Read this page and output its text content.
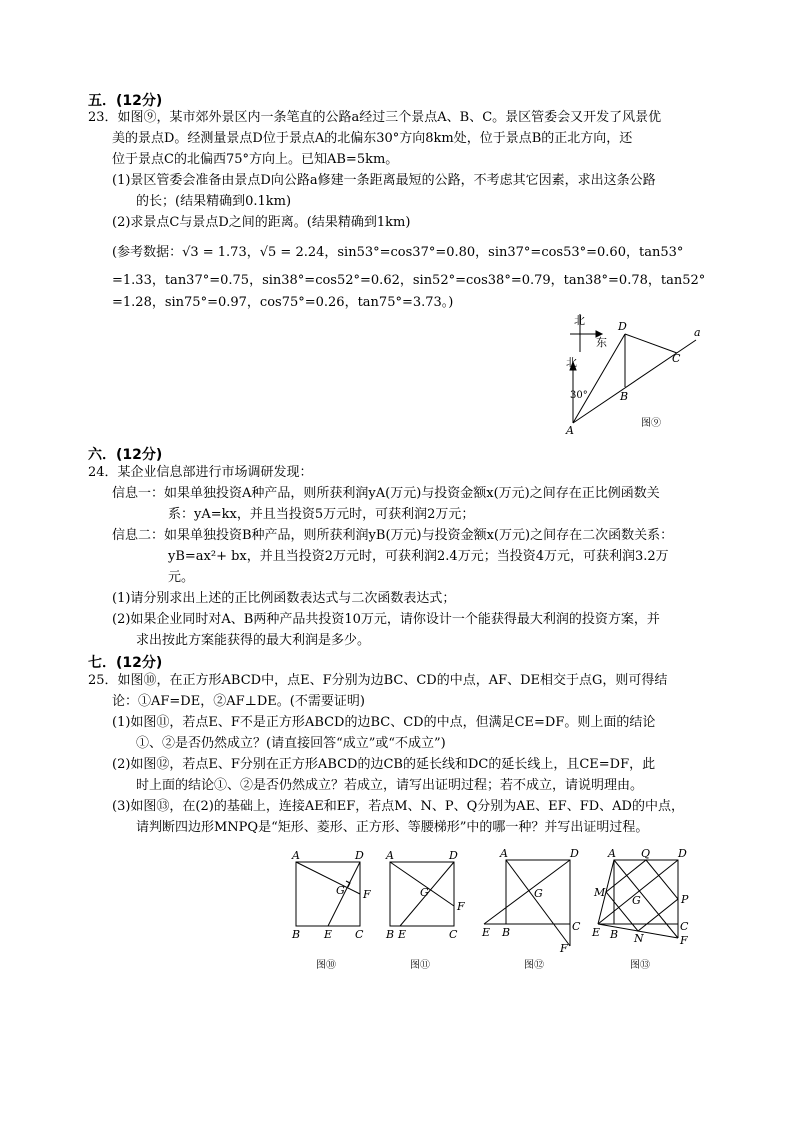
五．(12分)
23．如图⑨，某市郊外景区内一条笔直的公路a经过三个景点A、B、C。景区管委会又开发了风景优
美的景点D。经测量景点D位于景点A的北偏东30°方向8km处，位于景点B的正北方向，还
位于景点C的北偏西75°方向上。已知AB=5km。
(1)景区管委会准备由景点D向公路a修建一条距离最短的公路，不考虑其它因素，求出这条公路
的长；(结果精确到0.1km)
(2)求景点C与景点D之间的距离。(结果精确到1km)
(参考数据：√3 = 1.73，√5 = 2.24，sin53°=cos37°=0.80，sin37°=cos53°=0.60，tan53°
=1.33，tan37°=0.75，sin38°=cos52°=0.62，sin52°=cos38°=0.79，tan38°=0.78，tan52°
=1.28，sin75°=0.97，cos75°=0.26，tan75°=3.73。)
北
东
北
30°
D	a
C
B
A
图⑨
六．(12分)
24．某企业信息部进行市场调研发现：
信息一：如果单独投资A种产品，则所获利润yA(万元)与投资金额x(万元)之间存在正比例函数关
系：yA=kx，并且当投资5万元时，可获利润2万元；
信息二：如果单独投资B种产品，则所获利润yB(万元)与投资金额x(万元)之间存在二次函数关系：
yB=ax²+ bx，并且当投资2万元时，可获利润2.4万元；当投资4万元，可获利润3.2万
元。
(1)请分别求出上述的正比例函数表达式与二次函数表达式；
(2)如果企业同时对A、B两种产品共投资10万元，请你设计一个能获得最大利润的投资方案，并
求出按此方案能获得的最大利润是多少。
七．(12分)
25．如图⑩，在正方形ABCD中，点E、F分别为边BC、CD的中点，AF、DE相交于点G，则可得结
论：①AF=DE，②AF⊥DE。(不需要证明)
(1)如图⑪，若点E、F不是正方形ABCD的边BC、CD的中点，但满足CE=DF。则上面的结论
①、②是否仍然成立？(请直接回答“成立”或“不成立”)
(2)如图⑫，若点E、F分别在正方形ABCD的边CB的延长线和DC的延长线上，且CE=DF，此
时上面的结论①、②是否仍然成立？若成立，请写出证明过程；若不成立，请说明理由。
(3)如图⑬，在(2)的基础上，连接AE和EF，若点M、N、P、Q分别为AE、EF、FD、AD的中点，
请判断四边形MNPQ是“矩形、菱形、正方形、等腰梯形”中的哪一种？并写出证明过程。
A	D
G F
B E C
图⑩
A	D
G
F
B E	C
图⑪
A	D
G
C
E B
F
图⑫
A Q	D
M
G	P
E B N
C
F
图⑬
